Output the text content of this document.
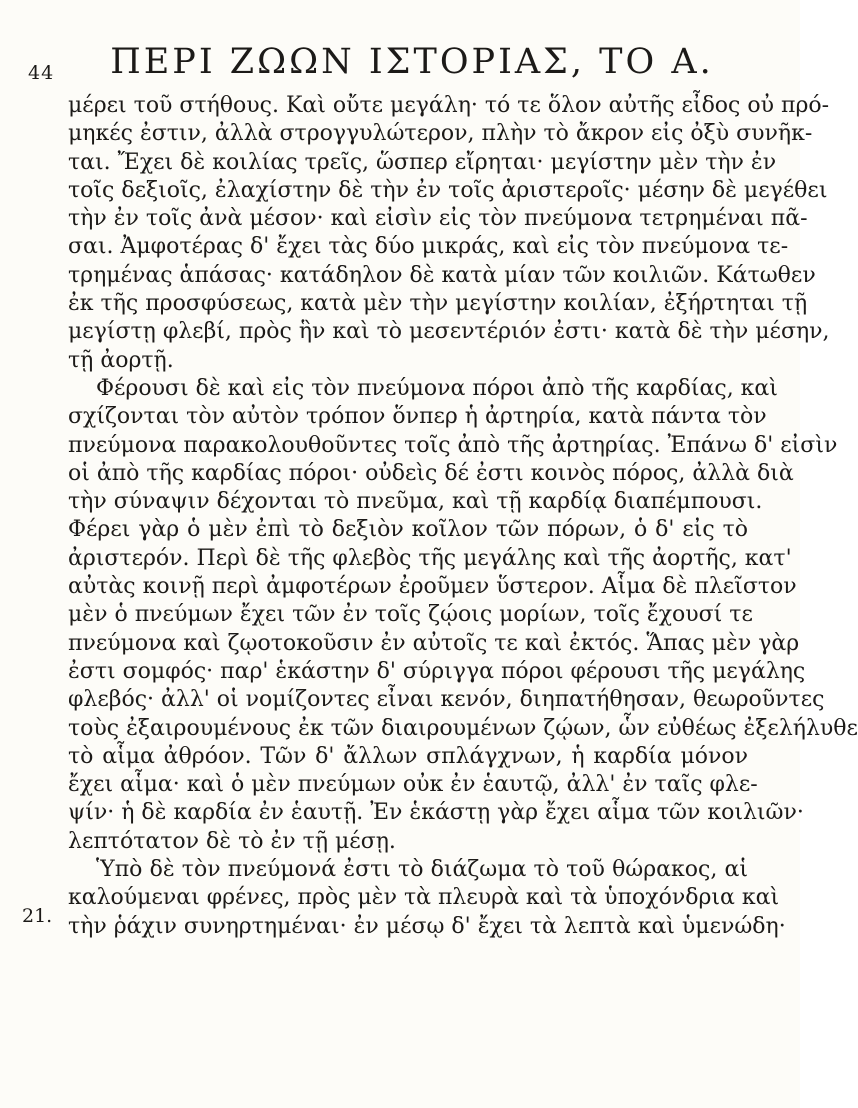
44	ΠΕΡΙ ΖΩΩΝ ΙΣΤΟΡΙΑΣ, ΤΟ Α.
21.
μέρει τοῦ στήθους. Καὶ οὔτε μεγάλη· τό τε ὅλον αὐτῆς εἶδος οὐ πρό-
μηκές ἐστιν, ἀλλὰ στρογγυλώτερον, πλὴν τὸ ἄκρον εἰς ὀξὺ συνῆκ-
ται. Ἔχει δὲ κοιλίας τρεῖς, ὥσπερ εἴρηται· μεγίστην μὲν τὴν ἐν
τοῖς δεξιοῖς, ἐλαχίστην δὲ τὴν ἐν τοῖς ἀριστεροῖς· μέσην δὲ μεγέθει
τὴν ἐν τοῖς ἀνὰ μέσον· καὶ εἰσὶν εἰς τὸν πνεύμονα τετρημέναι πᾶ-
σαι. Ἀμφοτέρας δ' ἔχει τὰς δύο μικράς, καὶ εἰς τὸν πνεύμονα τε-
τρημένας ἁπάσας· κατάδηλον δὲ κατὰ μίαν τῶν κοιλιῶν. Κάτωθεν
ἐκ τῆς προσφύσεως, κατὰ μὲν τὴν μεγίστην κοιλίαν, ἐξήρτηται τῇ
μεγίστῃ φλεβί, πρὸς ἣν καὶ τὸ μεσεντέριόν ἐστι· κατὰ δὲ τὴν μέσην,
τῇ ἀορτῇ.
Φέρουσι δὲ καὶ εἰς τὸν πνεύμονα πόροι ἀπὸ τῆς καρδίας, καὶ
σχίζονται τὸν αὐτὸν τρόπον ὅνπερ ἡ ἀρτηρία, κατὰ πάντα τὸν
πνεύμονα παρακολουθοῦντες τοῖς ἀπὸ τῆς ἀρτηρίας. Ἐπάνω δ' εἰσὶν
οἱ ἀπὸ τῆς καρδίας πόροι· οὐδεὶς δέ ἐστι κοινὸς πόρος, ἀλλὰ διὰ
τὴν σύναψιν δέχονται τὸ πνεῦμα, καὶ τῇ καρδίᾳ διαπέμπουσι.
Φέρει γὰρ ὁ μὲν ἐπὶ τὸ δεξιὸν κοῖλον τῶν πόρων, ὁ δ' εἰς τὸ
ἀριστερόν. Περὶ δὲ τῆς φλεβὸς τῆς μεγάλης καὶ τῆς ἀορτῆς, κατ'
αὐτὰς κοινῇ περὶ ἀμφοτέρων ἐροῦμεν ὕστερον. Αἷμα δὲ πλεῖστον
μὲν ὁ πνεύμων ἔχει τῶν ἐν τοῖς ζῴοις μορίων, τοῖς ἔχουσί τε
πνεύμονα καὶ ζῳοτοκοῦσιν ἐν αὐτοῖς τε καὶ ἐκτός. Ἅπας μὲν γὰρ
ἐστι σομφός· παρ' ἑκάστην δ' σύριγγα πόροι φέρουσι τῆς μεγάλης
φλεβός· ἀλλ' οἱ νομίζοντες εἶναι κενόν, διηπατήθησαν, θεωροῦντες
τοὺς ἐξαιρουμένους ἐκ τῶν διαιρουμένων ζῴων, ὧν εὐθέως ἐξελήλυθε
τὸ αἷμα ἀθρόον. Τῶν δ' ἄλλων σπλάγχνων, ἡ καρδία μόνον
ἔχει αἷμα· καὶ ὁ μὲν πνεύμων οὐκ ἐν ἑαυτῷ, ἀλλ' ἐν ταῖς φλε-
ψίν· ἡ δὲ καρδία ἐν ἑαυτῇ. Ἐν ἑκάστῃ γὰρ ἔχει αἷμα τῶν κοιλιῶν·
λεπτότατον δὲ τὸ ἐν τῇ μέσῃ.
Ὑπὸ δὲ τὸν πνεύμονά ἐστι τὸ διάζωμα τὸ τοῦ θώρακος, αἱ
καλούμεναι φρένες, πρὸς μὲν τὰ πλευρὰ καὶ τὰ ὑποχόνδρια καὶ
τὴν ῥάχιν συνηρτημέναι· ἐν μέσῳ δ' ἔχει τὰ λεπτὰ καὶ ὑμενώδη·
